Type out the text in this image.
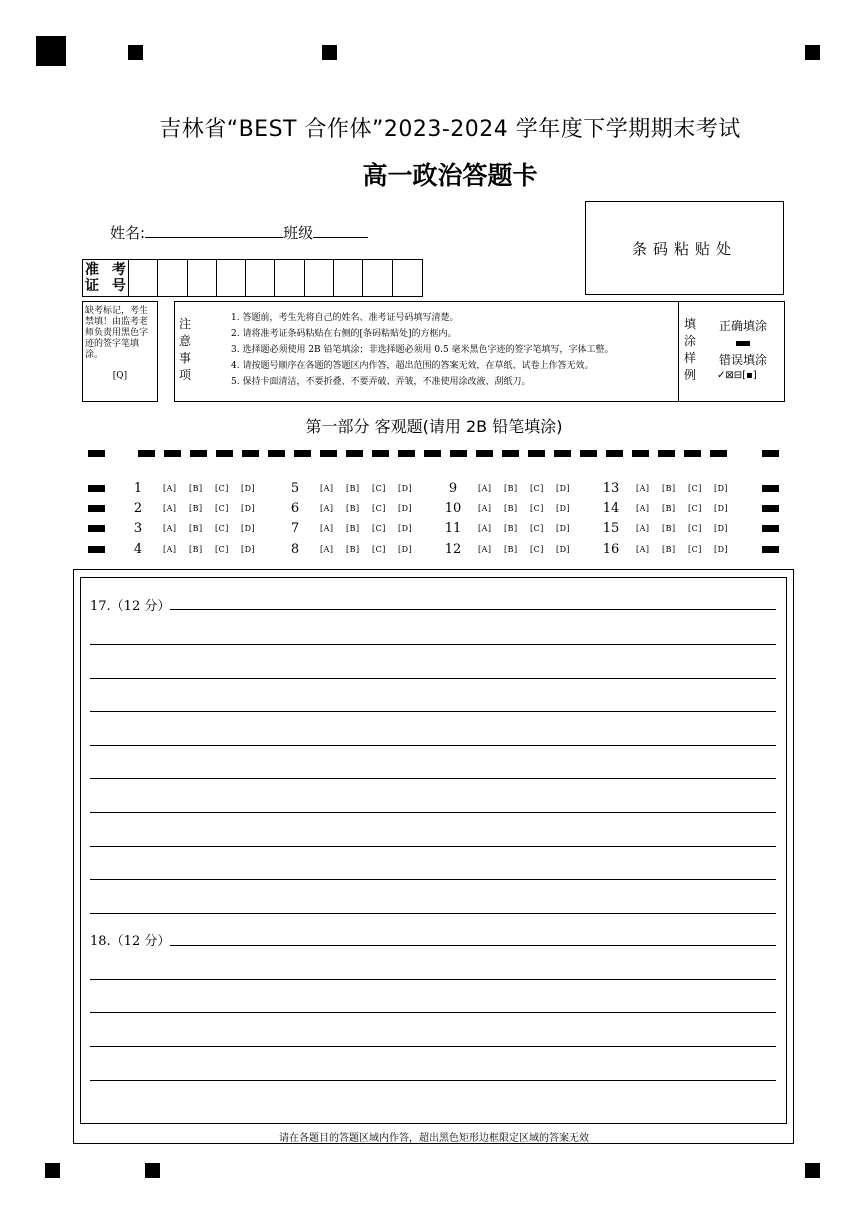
吉林省“BEST 合作体”2023-2024 学年度下学期期末考试
高一政治答题卡
姓名:	班级
条码粘贴处
准 考
证 号
缺考标记，考生禁填！由监考老师负责用黑色字迹的签字笔填涂。
[Q]
注意事项
1. 答题前，考生先将自己的姓名、准考证号码填写清楚。
2. 请将准考证条码粘贴在右侧的[条码粘贴处]的方框内。
3. 选择题必须使用 2B 铅笔填涂；非选择题必须用 0.5 毫米黑色字迹的签字笔填写，字体工整。
4. 请按题号顺序在各题的答题区内作答，超出范围的答案无效，在草纸、试卷上作答无效。
5. 保持卡面清洁，不要折叠、不要弄破、弄皱，不准使用涂改液、刮纸刀。
填涂样例
正确填涂
错误填涂
✓⊠⊟[▪]
第一部分 客观题(请用 2B 铅笔填涂)
1	[A] [B] [C] [D]
2	[A] [B] [C] [D]
3	[A] [B] [C] [D]
4	[A] [B] [C] [D]
5	[A] [B] [C] [D]
6	[A] [B] [C] [D]
7	[A] [B] [C] [D]
8	[A] [B] [C] [D]
9	[A] [B] [C] [D]
10	[A] [B] [C] [D]
11	[A] [B] [C] [D]
12	[A] [B] [C] [D]
13	[A] [B] [C] [D]
14	[A] [B] [C] [D]
15	[A] [B] [C] [D]
16	[A] [B] [C] [D]
17.（12 分）
18.（12 分）
请在各题目的答题区域内作答，超出黑色矩形边框限定区域的答案无效
